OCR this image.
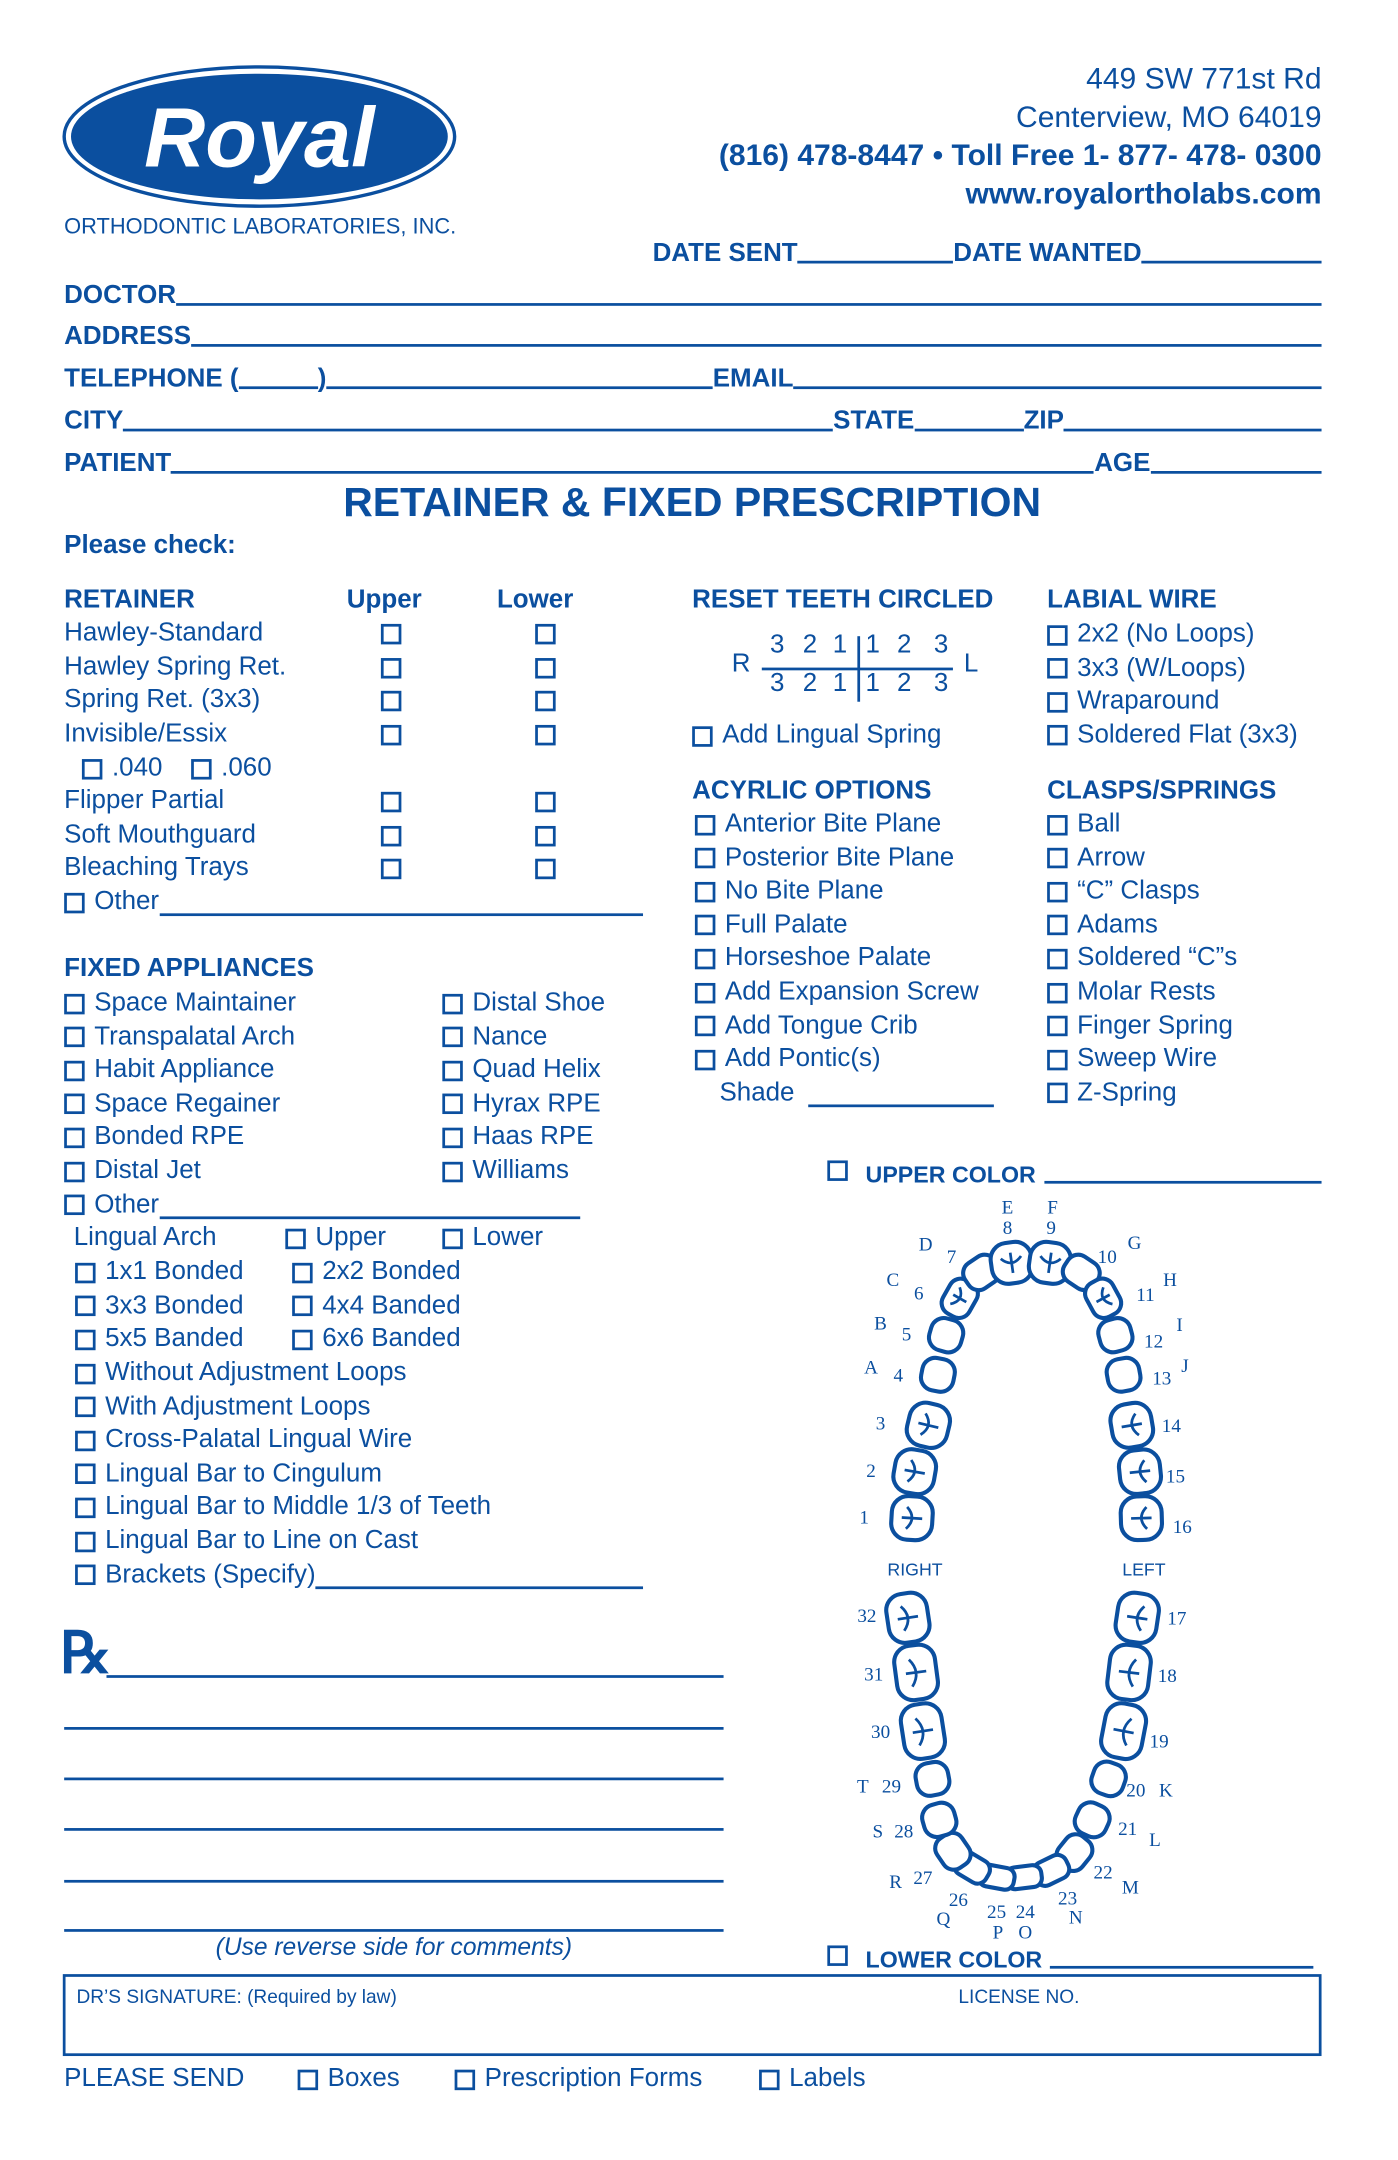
Royal
ORTHODONTIC LABORATORIES, INC.
449 SW 771st Rd
Centerview, MO 64019
(816) 478-8447 • Toll Free 1- 877- 478- 0300
www.royalortholabs.com
DATE SENT	DATE WANTED
DOCTOR
ADDRESS
TELEPHONE (	)	EMAIL
CITY	STATE	ZIP
PATIENT	AGE
RETAINER & FIXED PRESCRIPTION
Please check:
RETAINER	Upper	Lower
FIXED APPLIANCES
RESET TEETH CIRCLED
ACYRLIC OPTIONS
LABIAL WIRE
CLASPS/SPRINGS
R	L
3 2 1 1 2 3
3 2 1 1 2 3
Hawley-Standard
Hawley Spring Ret.
Spring Ret. (3x3)
Invisible/Essix
.040	.060
Flipper Partial
Soft Mouthguard
Bleaching Trays
Other
Space Maintainer
Transpalatal Arch
Habit Appliance
Space Regainer
Bonded RPE
Distal Jet
Other
Distal Shoe
Nance
Quad Helix
Hyrax RPE
Haas RPE
Williams
Lingual Arch	Upper	Lower
1x1 Bonded	2x2 Bonded
3x3 Bonded	4x4 Banded
5x5 Banded	6x6 Banded
Without Adjustment Loops
With Adjustment Loops
Cross-Palatal Lingual Wire
Lingual Bar to Cingulum
Lingual Bar to Middle 1/3 of Teeth
Lingual Bar to Line on Cast
Brackets (Specify)
Add Lingual Spring
Anterior Bite Plane
Posterior Bite Plane
No Bite Plane
Full Palate
Horseshoe Palate
Add Expansion Screw
Add Tongue Crib
Add Pontic(s)
Shade
2x2 (No Loops)
3x3 (W/Loops)
Wraparound
Soldered Flat (3x3)
Ball
Arrow
“C” Clasps
Adams
Soldered “C”s
Molar Rests
Finger Spring
Sweep Wire
Z-Spring
UPPER COLOR
LOWER COLOR
1
2
3
4
5
6
7
8 9
10
11
12
13
14
15
16
A
B
C
D
E F
G
H
I
J
17
18
19
20
21
22
23
24
25
26
27
28
29
30
31
32
K
L
M
N
O
P
Q
R
S
T
RIGHT	LEFT
℞
(Use reverse side for comments)
DR’S SIGNATURE: (Required by law)	LICENSE NO.
PLEASE SEND	Boxes	Prescription Forms	Labels
